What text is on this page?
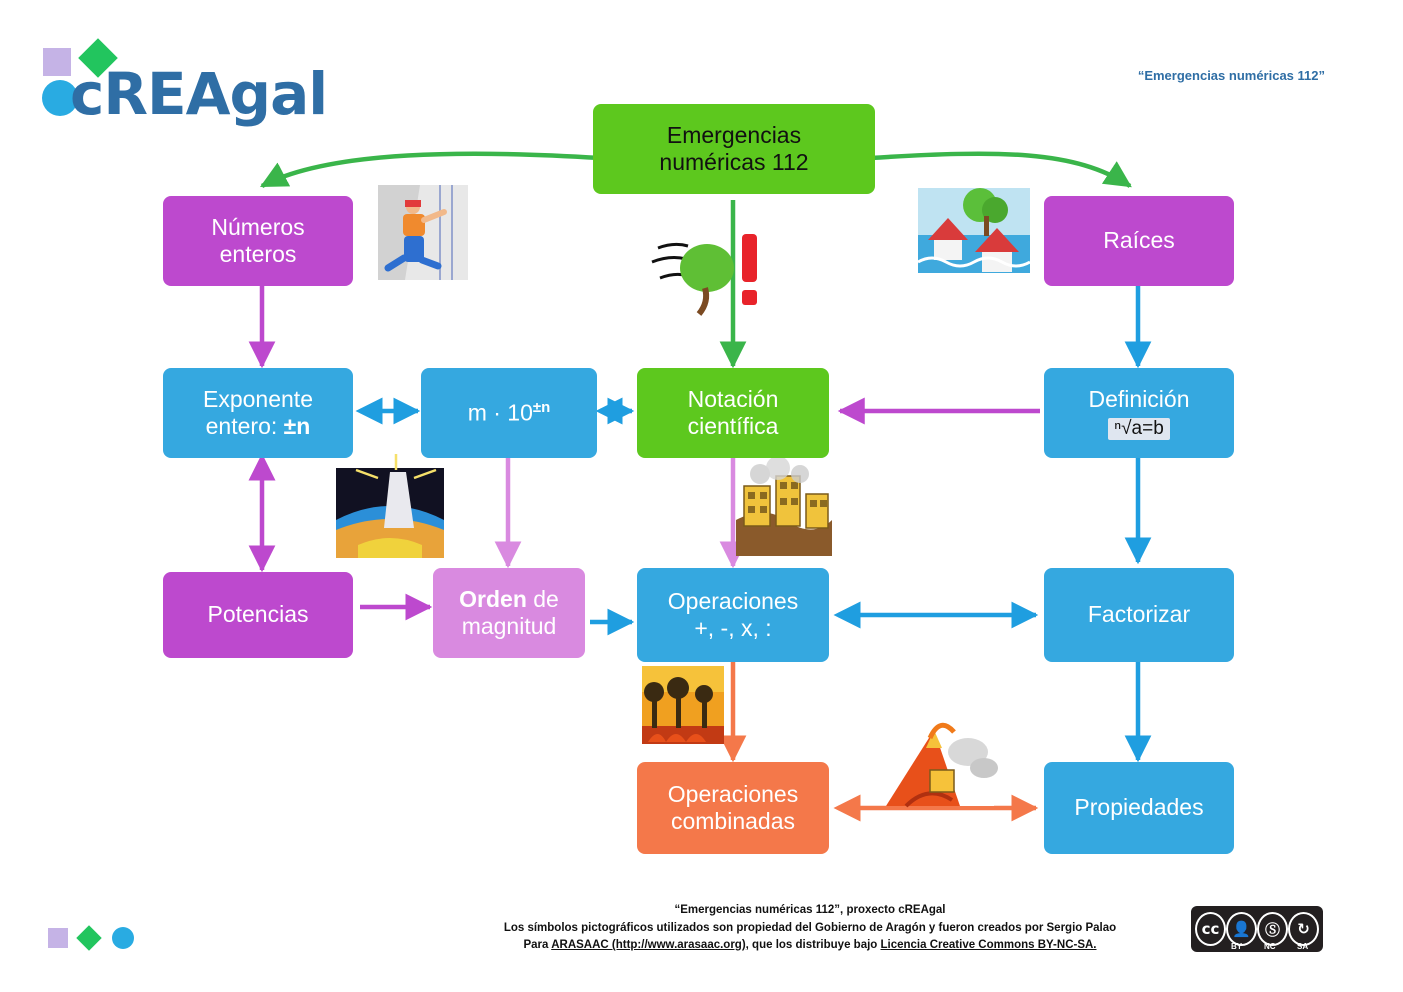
cREAgal	“Emergencias numéricas 112”
Emergencias
numéricas 112
Números
enteros
Raíces
Exponente
entero: ±n
$m \cdot 10^{\pm n}$	Notación
científica
Definición
ⁿ√a=b
Potencias
Orden de magnitud
Operaciones
+, -, x, :
Factorizar
Operaciones
combinadas
Propiedades
“Emergencias numéricas 112”, proxecto cREAgal
Los símbolos pictográficos utilizados son propiedad del Gobierno de Aragón y fueron creados por Sergio Palao
Para ARASAAC (http://www.arasaac.org), que los distribuye bajo Licencia Creative Commons BY-NC-SA.
cc 👤 Ⓢ	↻
BY	NC	SA
